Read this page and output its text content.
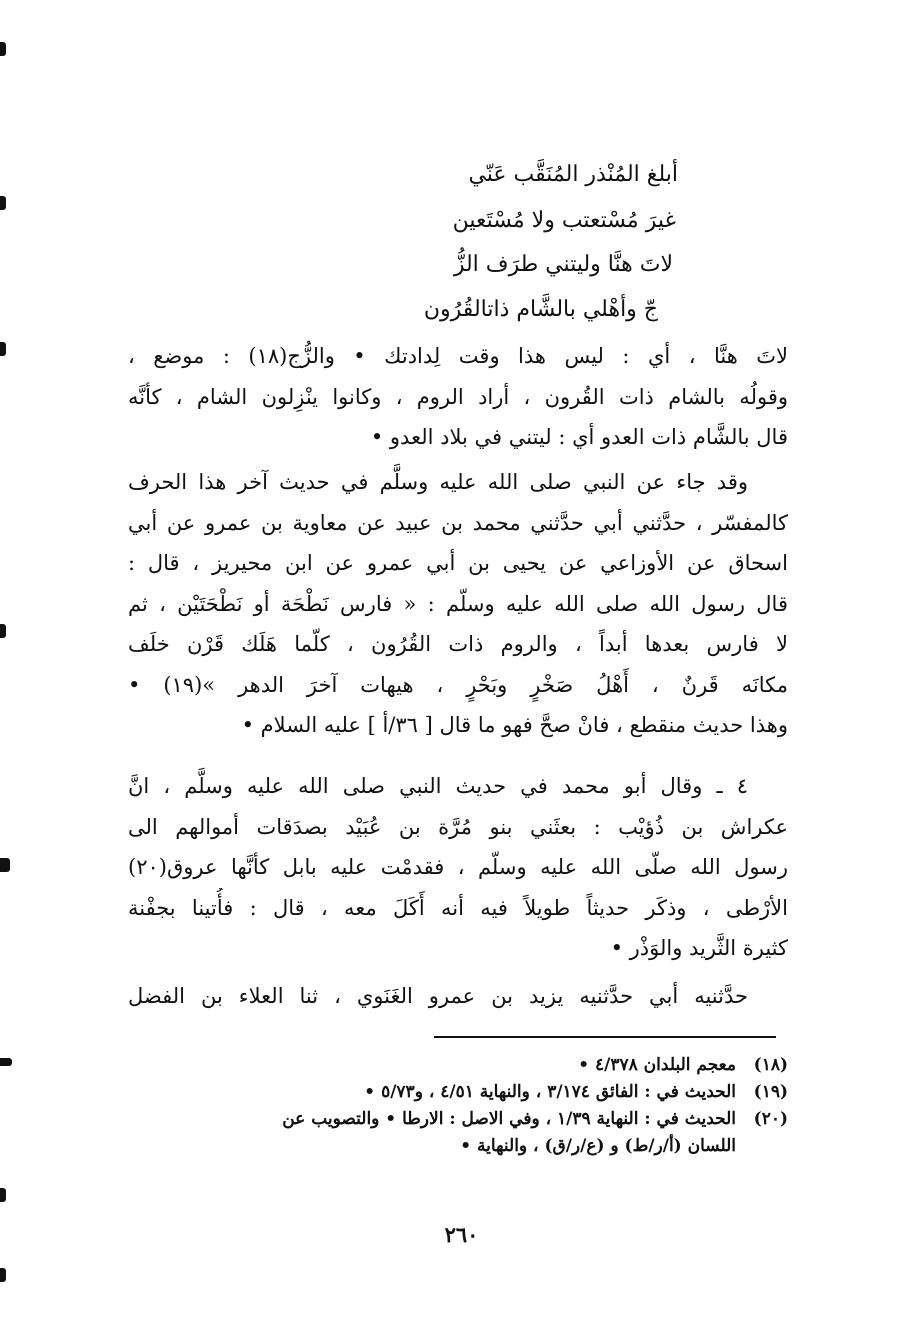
أبلغ المُنْذر المُنَقَّب عَنّي
غيرَ مُسْتعتب ولا مُسْتَعين
لاتَ هنَّا وليتني طرَف الزُّ
جّ وأهْلي بالشَّام ذاتالقُرُون
لاتَ هنَّا ، أي : ليس هذا وقت لِدادتك • والزُّج(١٨) : موضع ،
وقولُه بالشام ذات القُرون ، أراد الروم ، وكانوا ينْزِلون الشام ، كأنَّه
قال بالشَّام ذات العدو أي : ليتني في بلاد العدو •
وقد جاء عن النبي صلى الله عليه وسلَّم في حديث آخر هذا الحرف
كالمفسّر ، حدَّثني أبي حدَّثني محمد بن عبيد عن معاوية بن عمرو عن أبي
اسحاق عن الأوزاعي عن يحيى بن أبي عمرو عن ابن محيريز ، قال :
قال رسول الله صلى الله عليه وسلّم : « فارس نَطْحَة أو نَطْحَتَيْن ، ثم
لا فارس بعدها أبداً ، والروم ذات القُرُون ، كلّما هَلَك قَرْن خلَف
مكانَه قَرنٌ ، أَهْلُ صَخْرٍ وبَحْرٍ ، هيهات آخرَ الدهر »(١٩) •
وهذا حديث منقطع ، فانْ صحَّ فهو ما قال [ ٣٦/أ ] عليه السلام •
٤ ـ وقال أبو محمد في حديث النبي صلى الله عليه وسلَّم ، انَّ
عكراش بن ذُؤيْب : بعثَني بنو مُرَّة بن عُبَيْد بصدَقات أموالهم الى
رسول الله صلّى الله عليه وسلّم ، فقدمْت عليه بابل كأنَّها عروق(٢٠)
الأرْطى ، وذكَر حديثاً طويلاً فيه أنه أَكَلَ معه ، قال : فأُتينا بجفْنة
كثيرة الثَّريد والوَذْر •
حدَّثنيه أبي حدَّثنيه يزيد بن عمرو الغَنَوي ، ثنا العلاء بن الفضل
(١٨)
معجم البلدان ٤/٣٧٨ •
(١٩)
الحديث في : الفائق ٣/١٧٤ ، والنهاية ٤/٥١ ، و٥/٧٣ •
(٢٠)
الحديث في : النهاية ١/٣٩ ، وفي الاصل : الارطا • والتصويب عن
اللسان (أ/ر/ط) و (ع/ر/ق) ، والنهاية •
٢٦٠
